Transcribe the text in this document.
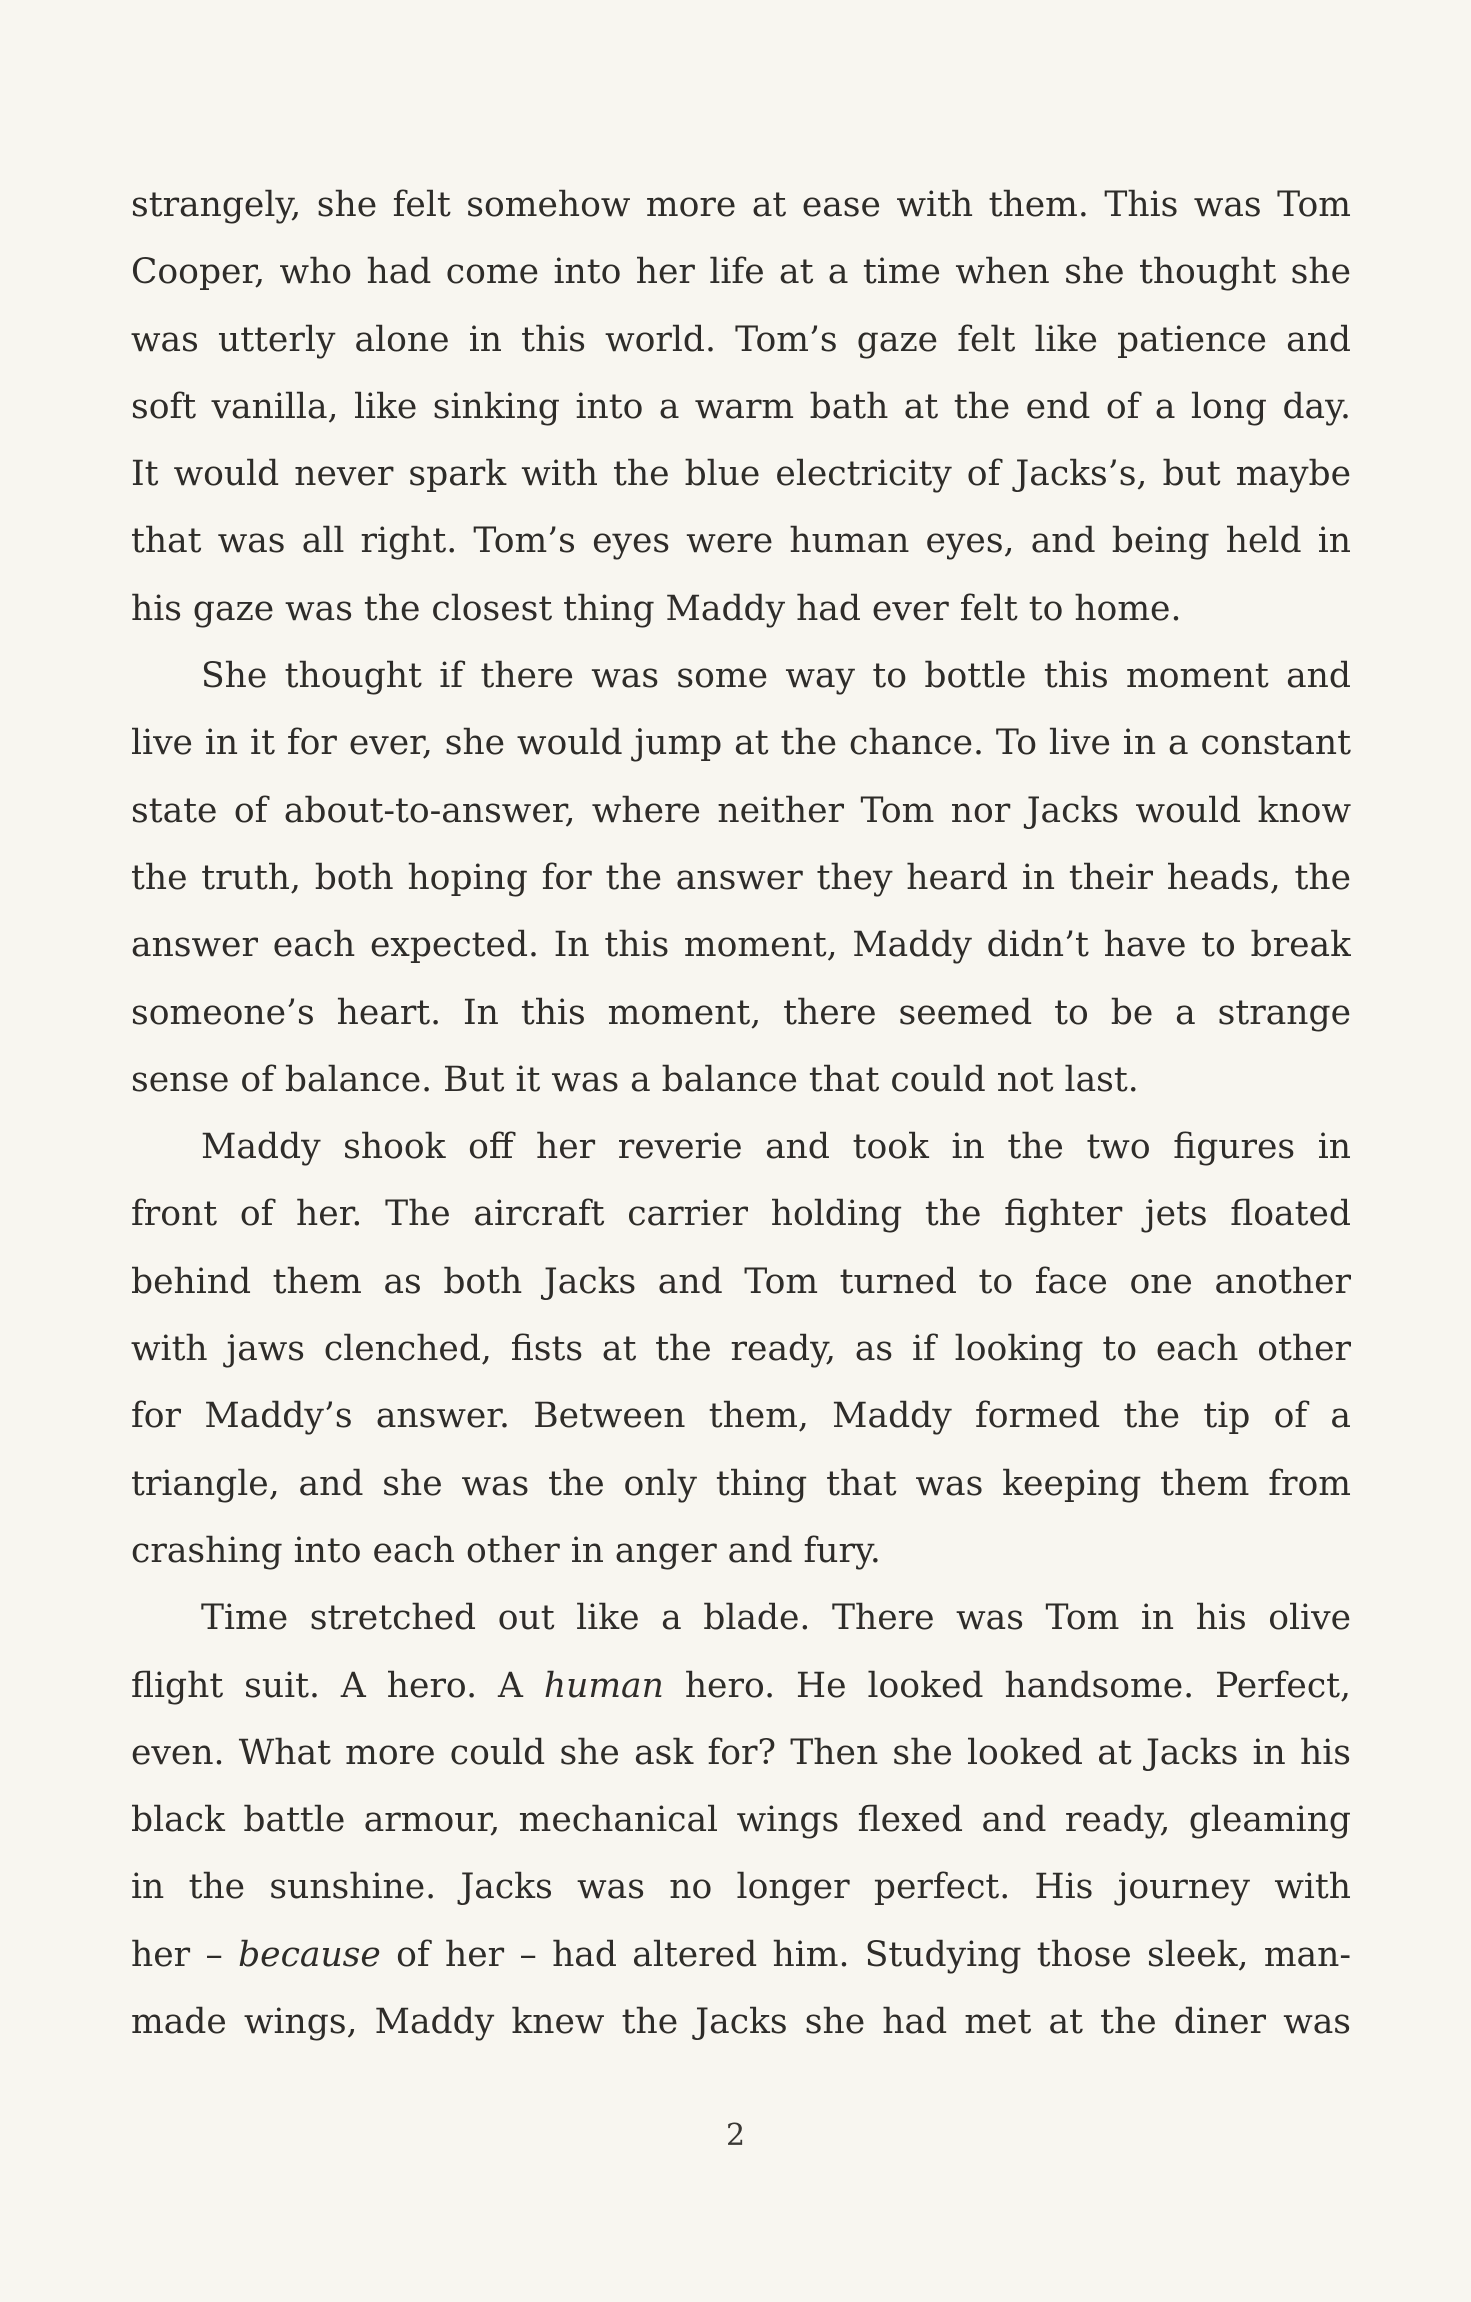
strangely, she felt somehow more at ease with them. This was Tom
Cooper, who had come into her life at a time when she thought she
was utterly alone in this world. Tom’s gaze felt like patience and
soft vanilla, like sinking into a warm bath at the end of a long day.
It would never spark with the blue electricity of Jacks’s, but maybe
that was all right. Tom’s eyes were human eyes, and being held in
his gaze was the closest thing Maddy had ever felt to home.
She thought if there was some way to bottle this moment and
live in it for ever, she would jump at the chance. To live in a constant
state of about-to-answer, where neither Tom nor Jacks would know
the truth, both hoping for the answer they heard in their heads, the
answer each expected. In this moment, Maddy didn’t have to break
someone’s heart. In this moment, there seemed to be a strange
sense of balance. But it was a balance that could not last.
Maddy shook off her reverie and took in the two figures in
front of her. The aircraft carrier holding the fighter jets floated
behind them as both Jacks and Tom turned to face one another
with jaws clenched, fists at the ready, as if looking to each other
for Maddy’s answer. Between them, Maddy formed the tip of a
triangle, and she was the only thing that was keeping them from
crashing into each other in anger and fury.
Time stretched out like a blade. There was Tom in his olive
flight suit. A hero. A human hero. He looked handsome. Perfect,
even. What more could she ask for? Then she looked at Jacks in his
black battle armour, mechanical wings flexed and ready, gleaming
in the sunshine. Jacks was no longer perfect. His journey with
her – because of her – had altered him. Studying those sleek, man-
made wings, Maddy knew the Jacks she had met at the diner was
2
